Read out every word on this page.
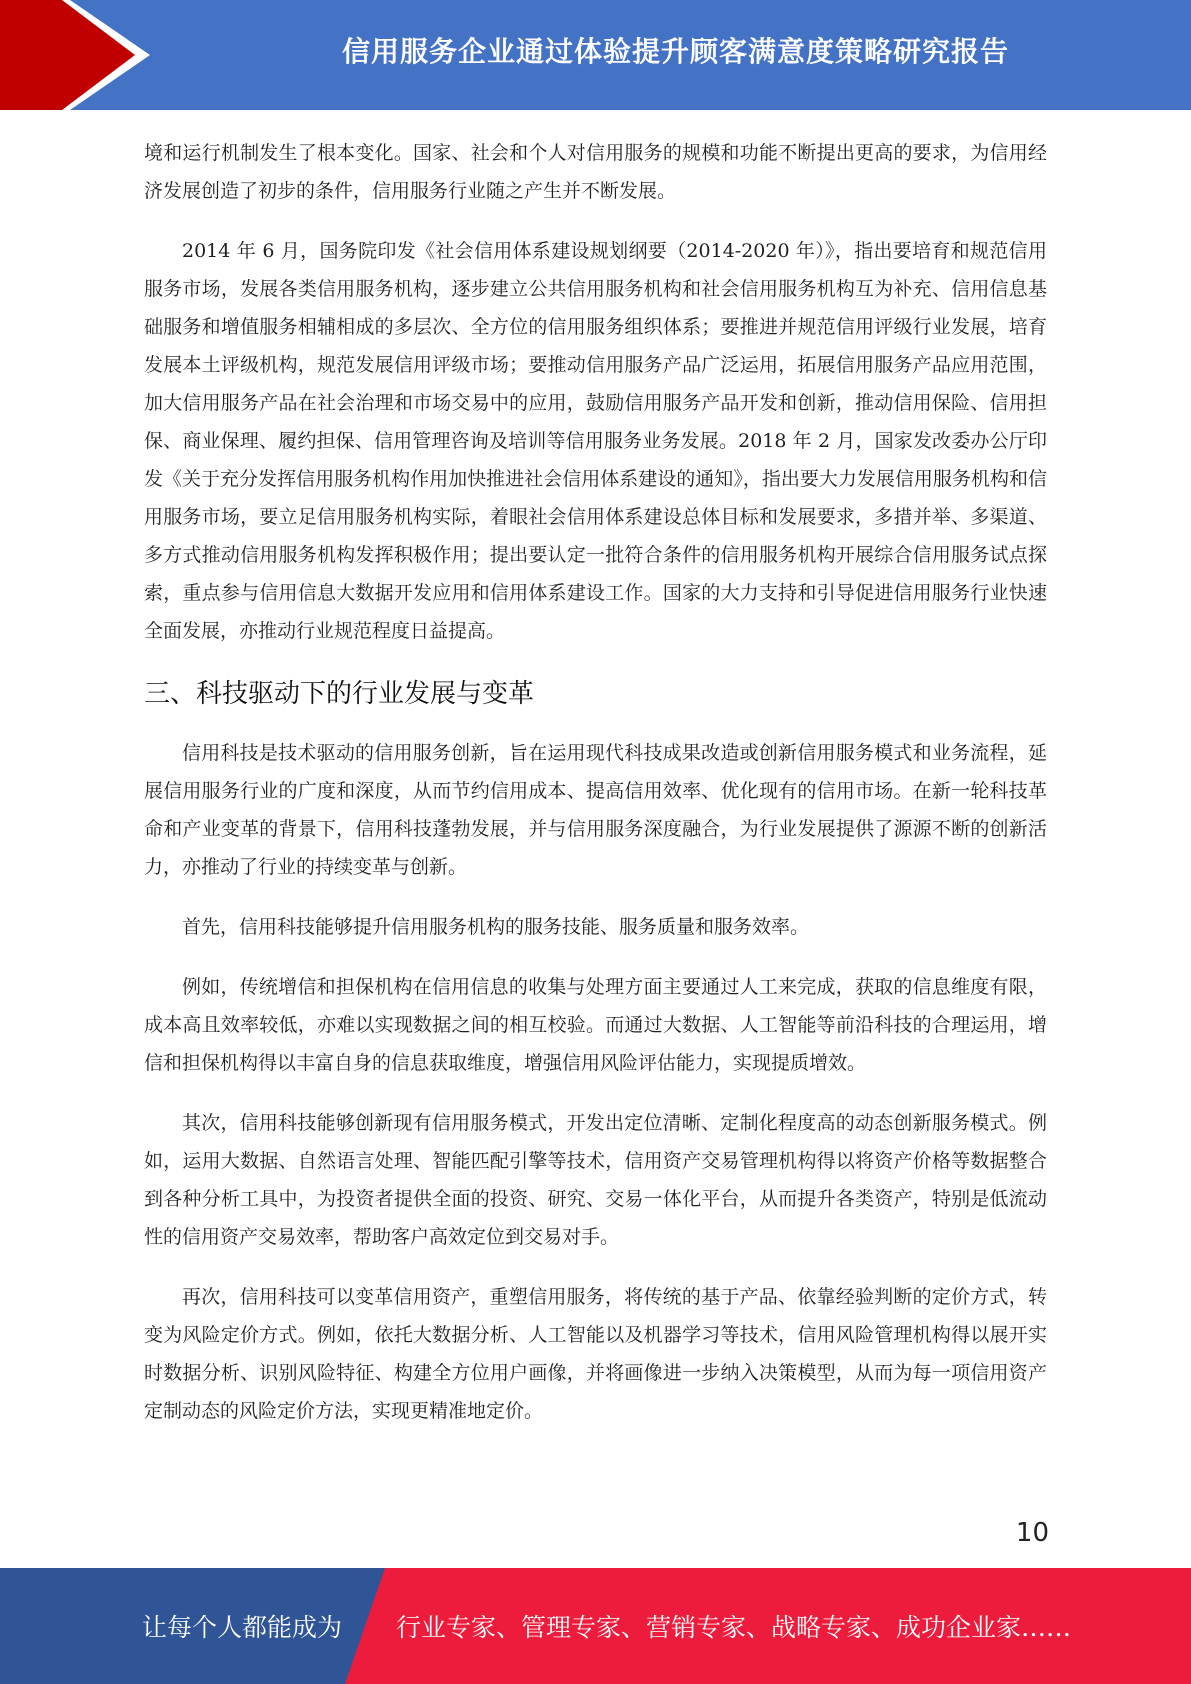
信用服务企业通过体验提升顾客满意度策略研究报告

境和运行机制发生了根本变化。国家、社会和个人对信用服务的规模和功能不断提出更高的要求，为信用经济发展创造了初步的条件，信用服务行业随之产生并不断发展。

2014 年 6 月，国务院印发《社会信用体系建设规划纲要（2014-2020 年）》，指出要培育和规范信用服务市场，发展各类信用服务机构，逐步建立公共信用服务机构和社会信用服务机构互为补充、信用信息基础服务和增值服务相辅相成的多层次、全方位的信用服务组织体系；要推进并规范信用评级行业发展，培育发展本土评级机构，规范发展信用评级市场；要推动信用服务产品广泛运用，拓展信用服务产品应用范围，加大信用服务产品在社会治理和市场交易中的应用，鼓励信用服务产品开发和创新，推动信用保险、信用担保、商业保理、履约担保、信用管理咨询及培训等信用服务业务发展。2018 年 2 月，国家发改委办公厅印发《关于充分发挥信用服务机构作用加快推进社会信用体系建设的通知》，指出要大力发展信用服务机构和信用服务市场，要立足信用服务机构实际，着眼社会信用体系建设总体目标和发展要求，多措并举、多渠道、多方式推动信用服务机构发挥积极作用；提出要认定一批符合条件的信用服务机构开展综合信用服务试点探索，重点参与信用信息大数据开发应用和信用体系建设工作。国家的大力支持和引导促进信用服务行业快速全面发展，亦推动行业规范程度日益提高。

三、科技驱动下的行业发展与变革

信用科技是技术驱动的信用服务创新，旨在运用现代科技成果改造或创新信用服务模式和业务流程，延展信用服务行业的广度和深度，从而节约信用成本、提高信用效率、优化现有的信用市场。在新一轮科技革命和产业变革的背景下，信用科技蓬勃发展，并与信用服务深度融合，为行业发展提供了源源不断的创新活力，亦推动了行业的持续变革与创新。

首先，信用科技能够提升信用服务机构的服务技能、服务质量和服务效率。

例如，传统增信和担保机构在信用信息的收集与处理方面主要通过人工来完成，获取的信息维度有限，成本高且效率较低，亦难以实现数据之间的相互校验。而通过大数据、人工智能等前沿科技的合理运用，增信和担保机构得以丰富自身的信息获取维度，增强信用风险评估能力，实现提质增效。

其次，信用科技能够创新现有信用服务模式，开发出定位清晰、定制化程度高的动态创新服务模式。例如，运用大数据、自然语言处理、智能匹配引擎等技术，信用资产交易管理机构得以将资产价格等数据整合到各种分析工具中，为投资者提供全面的投资、研究、交易一体化平台，从而提升各类资产，特别是低流动性的信用资产交易效率，帮助客户高效定位到交易对手。

再次，信用科技可以变革信用资产，重塑信用服务，将传统的基于产品、依靠经验判断的定价方式，转变为风险定价方式。例如，依托大数据分析、人工智能以及机器学习等技术，信用风险管理机构得以展开实时数据分析、识别风险特征、构建全方位用户画像，并将画像进一步纳入决策模型，从而为每一项信用资产定制动态的风险定价方法，实现更精准地定价。

10
让每个人都能成为 行业专家、管理专家、营销专家、战略专家、成功企业家……
